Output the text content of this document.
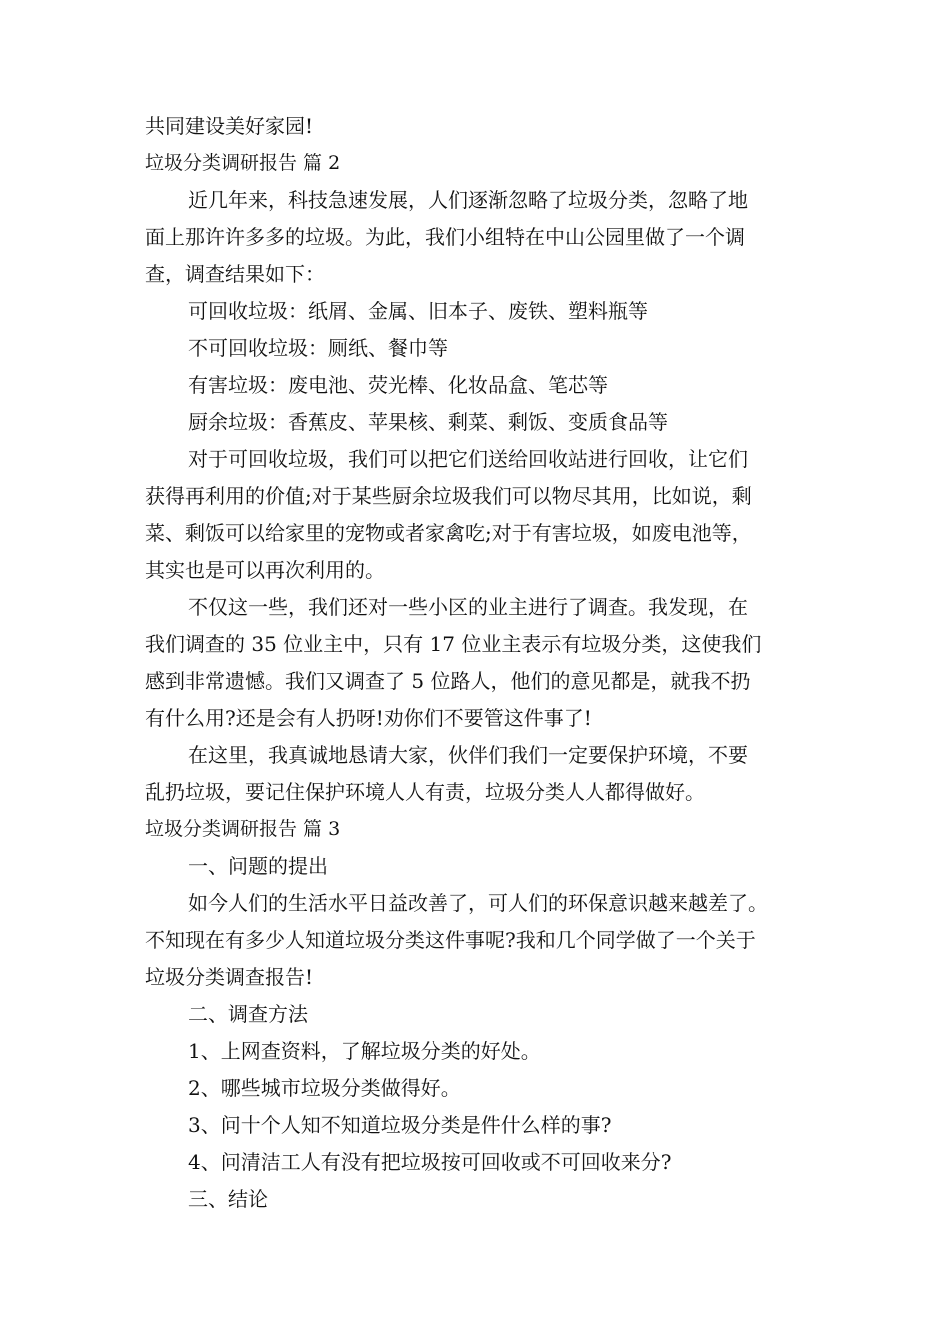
共同建设美好家园!
垃圾分类调研报告 篇 2
近几年来，科技急速发展，人们逐渐忽略了垃圾分类，忽略了地
面上那许许多多的垃圾。为此，我们小组特在中山公园里做了一个调
查，调查结果如下：
可回收垃圾：纸屑、金属、旧本子、废铁、塑料瓶等
不可回收垃圾：厕纸、餐巾等
有害垃圾：废电池、荧光棒、化妆品盒、笔芯等
厨余垃圾：香蕉皮、苹果核、剩菜、剩饭、变质食品等
对于可回收垃圾，我们可以把它们送给回收站进行回收，让它们
获得再利用的价值;对于某些厨余垃圾我们可以物尽其用，比如说，剩
菜、剩饭可以给家里的宠物或者家禽吃;对于有害垃圾，如废电池等，
其实也是可以再次利用的。
不仅这一些，我们还对一些小区的业主进行了调查。我发现，在
我们调查的 35 位业主中，只有 17 位业主表示有垃圾分类，这使我们
感到非常遗憾。我们又调查了 5 位路人，他们的意见都是，就我不扔
有什么用?还是会有人扔呀!劝你们不要管这件事了!
在这里，我真诚地恳请大家，伙伴们我们一定要保护环境，不要
乱扔垃圾，要记住保护环境人人有责，垃圾分类人人都得做好。
垃圾分类调研报告 篇 3
一、问题的提出
如今人们的生活水平日益改善了，可人们的环保意识越来越差了。
不知现在有多少人知道垃圾分类这件事呢?我和几个同学做了一个关于
垃圾分类调查报告!
二、调查方法
1、上网查资料，了解垃圾分类的好处。
2、哪些城市垃圾分类做得好。
3、问十个人知不知道垃圾分类是件什么样的事?
4、问清洁工人有没有把垃圾按可回收或不可回收来分?
三、结论
